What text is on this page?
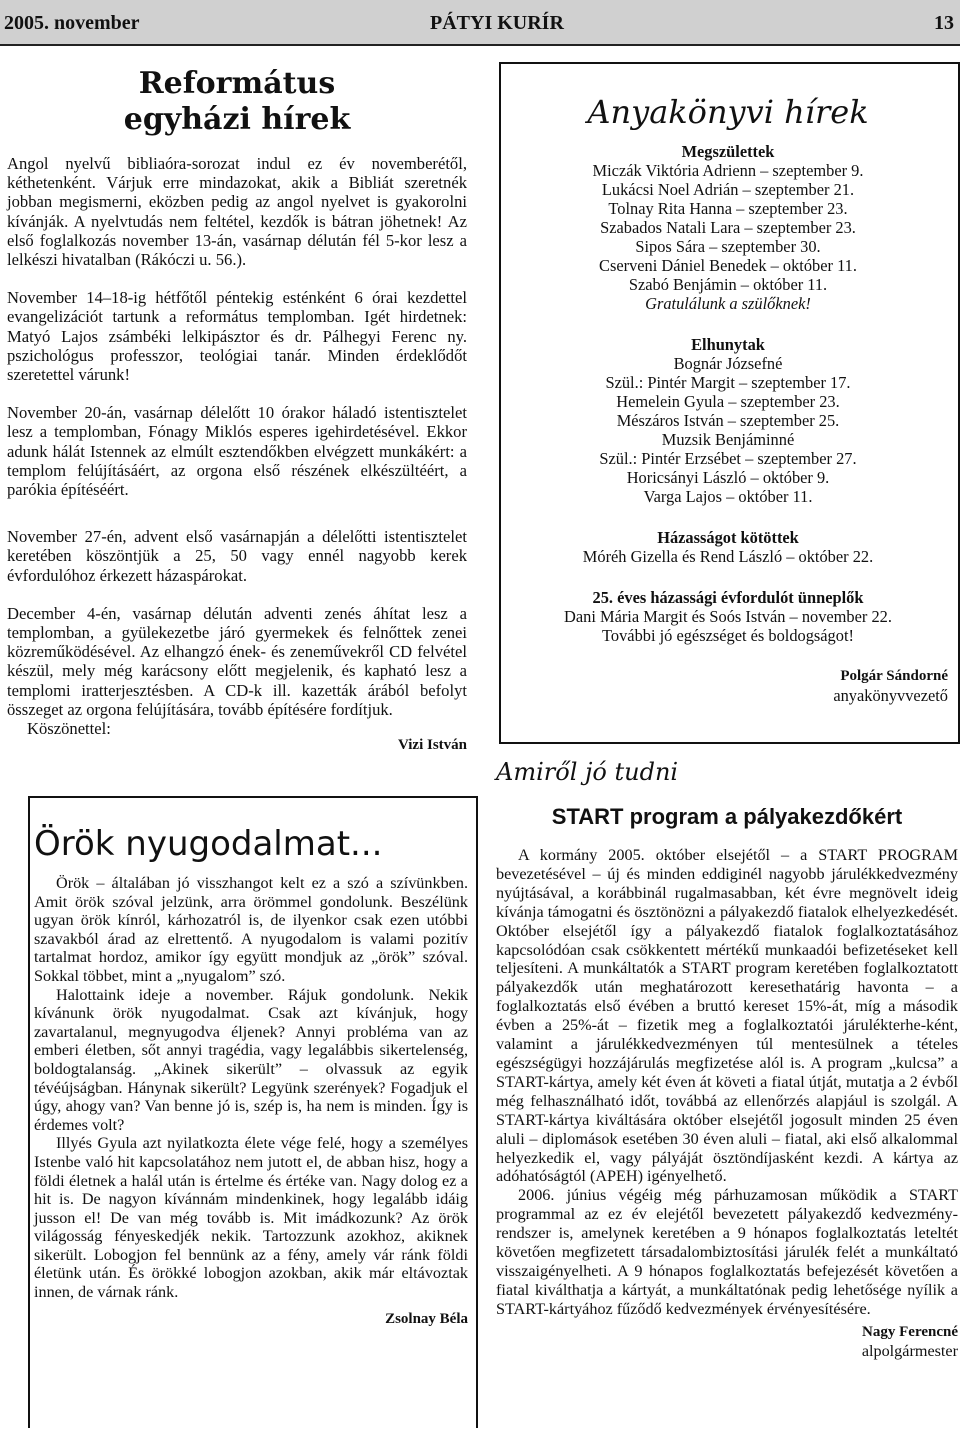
2005. november	PÁTYI KURÍR	13

Református

egyházi hírek

Angol nyelvű bibliaóra-sorozat indul ez év novemberétől, kéthetenként. Várjuk erre mindazokat, akik a Bibliát szeretnék jobban megismerni, eközben pedig az angol nyelvet is gyakorolni kívánják. A nyelvtudás nem feltétel, kezdők is bátran jöhetnek! Az első foglalkozás november 13-án, vasárnap délután fél 5-kor lesz a lelkészi hivatalban (Rákóczi u. 56.).

November 14–18-ig hétfőtől péntekig esténként 6 órai kezdettel evangelizációt tartunk a református templomban. Igét hirdetnek: Matyó Lajos zsámbéki lelkipásztor és dr. Pálhegyi Ferenc ny. pszichológus professzor, teológiai tanár. Minden érdeklődőt szeretettel várunk!

November 20-án, vasárnap délelőtt 10 órakor háladó istentisztelet lesz a templomban, Fónagy Miklós esperes igehirdetésével. Ekkor adunk hálát Istennek az elmúlt esztendőkben elvégzett munkákért: a templom felújításáért, az orgona első részének elkészültéért, a parókia építéséért.

November 27-én, advent első vasárnapján a délelőtti istentisztelet keretében köszöntjük a 25, 50 vagy ennél nagyobb kerek évfordulóhoz érkezett házaspárokat.

December 4-én, vasárnap délután adventi zenés áhítat lesz a templomban, a gyülekezetbe járó gyermekek és felnőttek zenei közreműködésével. Az elhangzó ének- és zeneművekről CD felvétel készül, mely még karácsony előtt megjelenik, és kapható lesz a templomi iratterjesztésben. A CD-k ill. kazetták árából befolyt összeget az orgona felújítására, tovább építésére fordítjuk.

Köszönettel:

Vizi István

Örök nyugodalmat...

Örök – általában jó visszhangot kelt ez a szó a szívünkben. Amit örök szóval jelzünk, arra örömmel gondolunk. Beszélünk ugyan örök kínról, kárhozatról is, de ilyenkor csak ezen utóbbi szavakból árad az elrettentő. A nyugodalom is valami pozitív tartalmat hordoz, amikor így együtt mondjuk az „örök” szóval. Sokkal többet, mint a „nyugalom” szó.

Halottaink ideje a november. Rájuk gondolunk. Nekik kívánunk örök nyugodalmat. Csak azt kívánjuk, hogy zavartalanul, megnyugodva éljenek? Annyi probléma van az emberi életben, sőt annyi tragédia, vagy legalábbis sikertelenség, boldogtalanság. „Akinek sikerült” – olvassuk az egyik tévéújságban. Hánynak sikerült? Legyünk szerények? Fogadjuk el úgy, ahogy van? Van benne jó is, szép is, ha nem is minden. Így is érdemes volt?

Illyés Gyula azt nyilatkozta élete vége felé, hogy a személyes Istenbe való hit kapcsolatához nem jutott el, de abban hisz, hogy a földi életnek a halál után is értelme és értéke van. Nagy dolog ez a hit is. De nagyon kívánnám mindenkinek, hogy legalább idáig jusson el! De van még tovább is. Mit imádkozunk? Az örök világosság fényeskedjék nekik. Tartozzunk azokhoz, akiknek sikerült. Lobogjon fel bennünk az a fény, amely vár ránk földi életünk után. És örökké lobogjon azokban, akik már eltávoztak innen, de várnak ránk.

Zsolnay Béla

Anyakönyvi hírek

Megszülettek

Miczák Viktória Adrienn – szeptember 9.

Lukácsi Noel Adrián – szeptember 21.

Tolnay Rita Hanna – szeptember 23.

Szabados Natali Lara – szeptember 23.

Sipos Sára – szeptember 30.

Cserveni Dániel Benedek – október 11.

Szabó Benjámin – október 11.

Gratulálunk a szülőknek!

Elhunytak

Bognár Józsefné

Szül.: Pintér Margit – szeptember 17.

Hemelein Gyula – szeptember 23.

Mészáros István – szeptember 25.

Muzsik Benjáminné

Szül.: Pintér Erzsébet – szeptember 27.

Horicsányi László – október 9.

Varga Lajos – október 11.

Házasságot kötöttek

Móréh Gizella és Rend László – október 22.

25. éves házassági évfordulót ünneplők

Dani Mária Margit és Soós István – november 22.

További jó egészséget és boldogságot!

Polgár Sándorné

anyakönyvvezető

Amiről jó tudni

START program a pályakezdőkért

A kormány 2005. október elsejétől – a START PROGRAM bevezetésével – új és minden eddiginél nagyobb járulékkedvezmény nyújtásával, a korábbinál rugalmasabban, két évre megnövelt ideig kívánja támogatni és ösztönözni a pályakezdő fiatalok elhelyezkedését. Október elsejétől így a pályakezdő fiatalok foglalkoztatásához kapcsolódóan csak csökkentett mértékű munkaadói befizetéseket kell teljesíteni. A munkáltatók a START program keretében foglalkoztatott pályakezdők után meghatározott keresethatárig havonta – a foglalkoztatás első évében a bruttó kereset 15%-át, míg a második évben a 25%-át – fizetik meg a foglalkoztatói járulékterhe-ként, valamint a járulékkedvezményen túl mentesülnek a tételes egészségügyi hozzájárulás megfizetése alól is. A program „kulcsa” a START-kártya, amely két éven át követi a fiatal útját, mutatja a 2 évből még felhasználható időt, továbbá az ellenőrzés alapjául is szolgál. A START-kártya kiváltására október elsejétől jogosult minden 25 éven aluli – diplomások esetében 30 éven aluli – fiatal, aki első alkalommal helyezkedik el, vagy pályáját ösztöndíjasként kezdi. A kártya az adóhatóságtól (APEH) igényelhető.

2006. június végéig még párhuzamosan működik a START programmal az ez év elejétől bevezetett pályakezdő kedvezmény-rendszer is, amelynek keretében a 9 hónapos foglalkoztatás leteltét követően megfizetett társadalombiztosítási járulék felét a munkáltató visszaigényelheti. A 9 hónapos foglalkoztatás befejezését követően a fiatal kiválthatja a kártyát, a munkáltatónak pedig lehetősége nyílik a START-kártyához fűződő kedvezmények érvényesítésére.

Nagy Ferencné

alpolgármester
